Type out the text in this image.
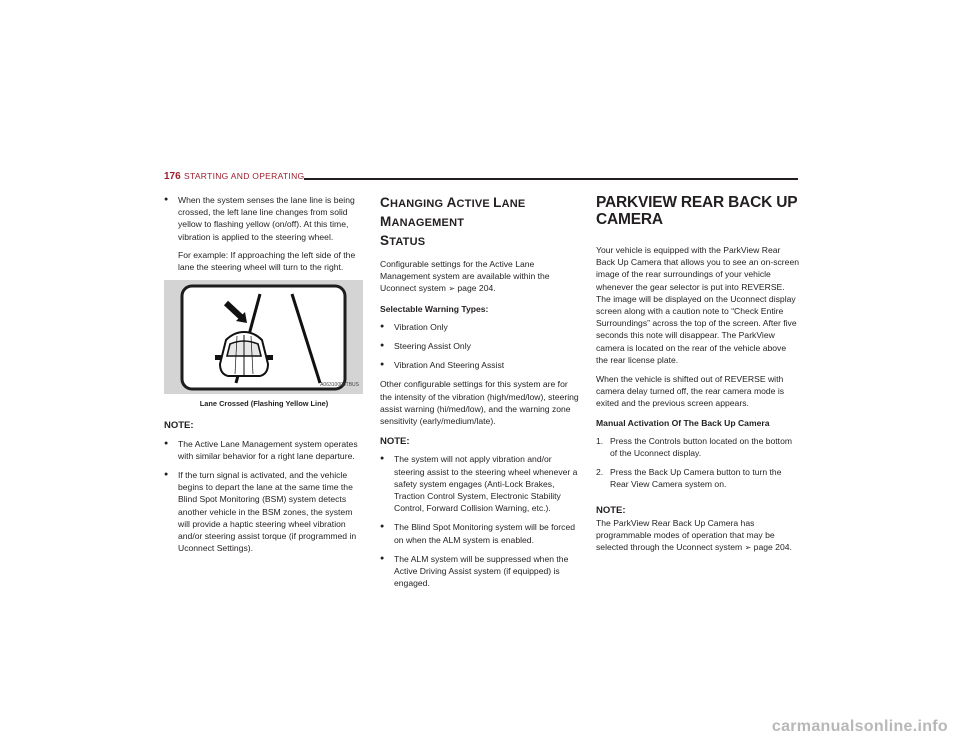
176 STARTING AND OPERATING
● When the system senses the lane line is being crossed, the left lane line changes from solid yellow to flashing yellow (on/off). At this time, vibration is applied to the steering wheel.
For example: If approaching the left side of the lane the steering wheel will turn to the right.
A06310000TBUS
Lane Crossed (Flashing Yellow Line)
NOTE:
● The Active Lane Management system operates with similar behavior for a right lane departure.
● If the turn signal is activated, and the vehicle begins to depart the lane at the same time the Blind Spot Monitoring (BSM) system detects another vehicle in the BSM zones, the system will provide a haptic steering wheel vibration and/or steering assist torque (if programmed in Uconnect Settings).
CHANGING ACTIVE LANE MANAGEMENT
STATUS

Configurable settings for the Active Lane Management system are available within the Uconnect system ➢ page 204.

Selectable Warning Types:
● Vibration Only
● Steering Assist Only
● Vibration And Steering Assist

Other configurable settings for this system are for the intensity of the vibration (high/med/low), steering assist warning (hi/med/low), and the warning zone sensitivity (early/medium/late).

NOTE:
● The system will not apply vibration and/or steering assist to the steering wheel whenever a safety system engages (Anti-Lock Brakes, Traction Control System, Electronic Stability Control, Forward Collision Warning, etc.).
● The Blind Spot Monitoring system will be forced on when the ALM system is enabled.
● The ALM system will be suppressed when the Active Driving Assist system (if equipped) is engaged.
PARKVIEW REAR BACK UP CAMERA

Your vehicle is equipped with the ParkView Rear Back Up Camera that allows you to see an on-screen image of the rear surroundings of your vehicle whenever the gear selector is put into REVERSE. The image will be displayed on the Uconnect display screen along with a caution note to “Check Entire Surroundings” across the top of the screen. After five seconds this note will disappear. The ParkView camera is located on the rear of the vehicle above the rear license plate.

When the vehicle is shifted out of REVERSE with camera delay turned off, the rear camera mode is exited and the previous screen appears.

Manual Activation Of The Back Up Camera
1. Press the Controls button located on the bottom of the Uconnect display.
2. Press the Back Up Camera button to turn the Rear View Camera system on.
NOTE:

The ParkView Rear Back Up Camera has programmable modes of operation that may be selected through the Uconnect system ➢ page 204.

carmanualsonline.info
